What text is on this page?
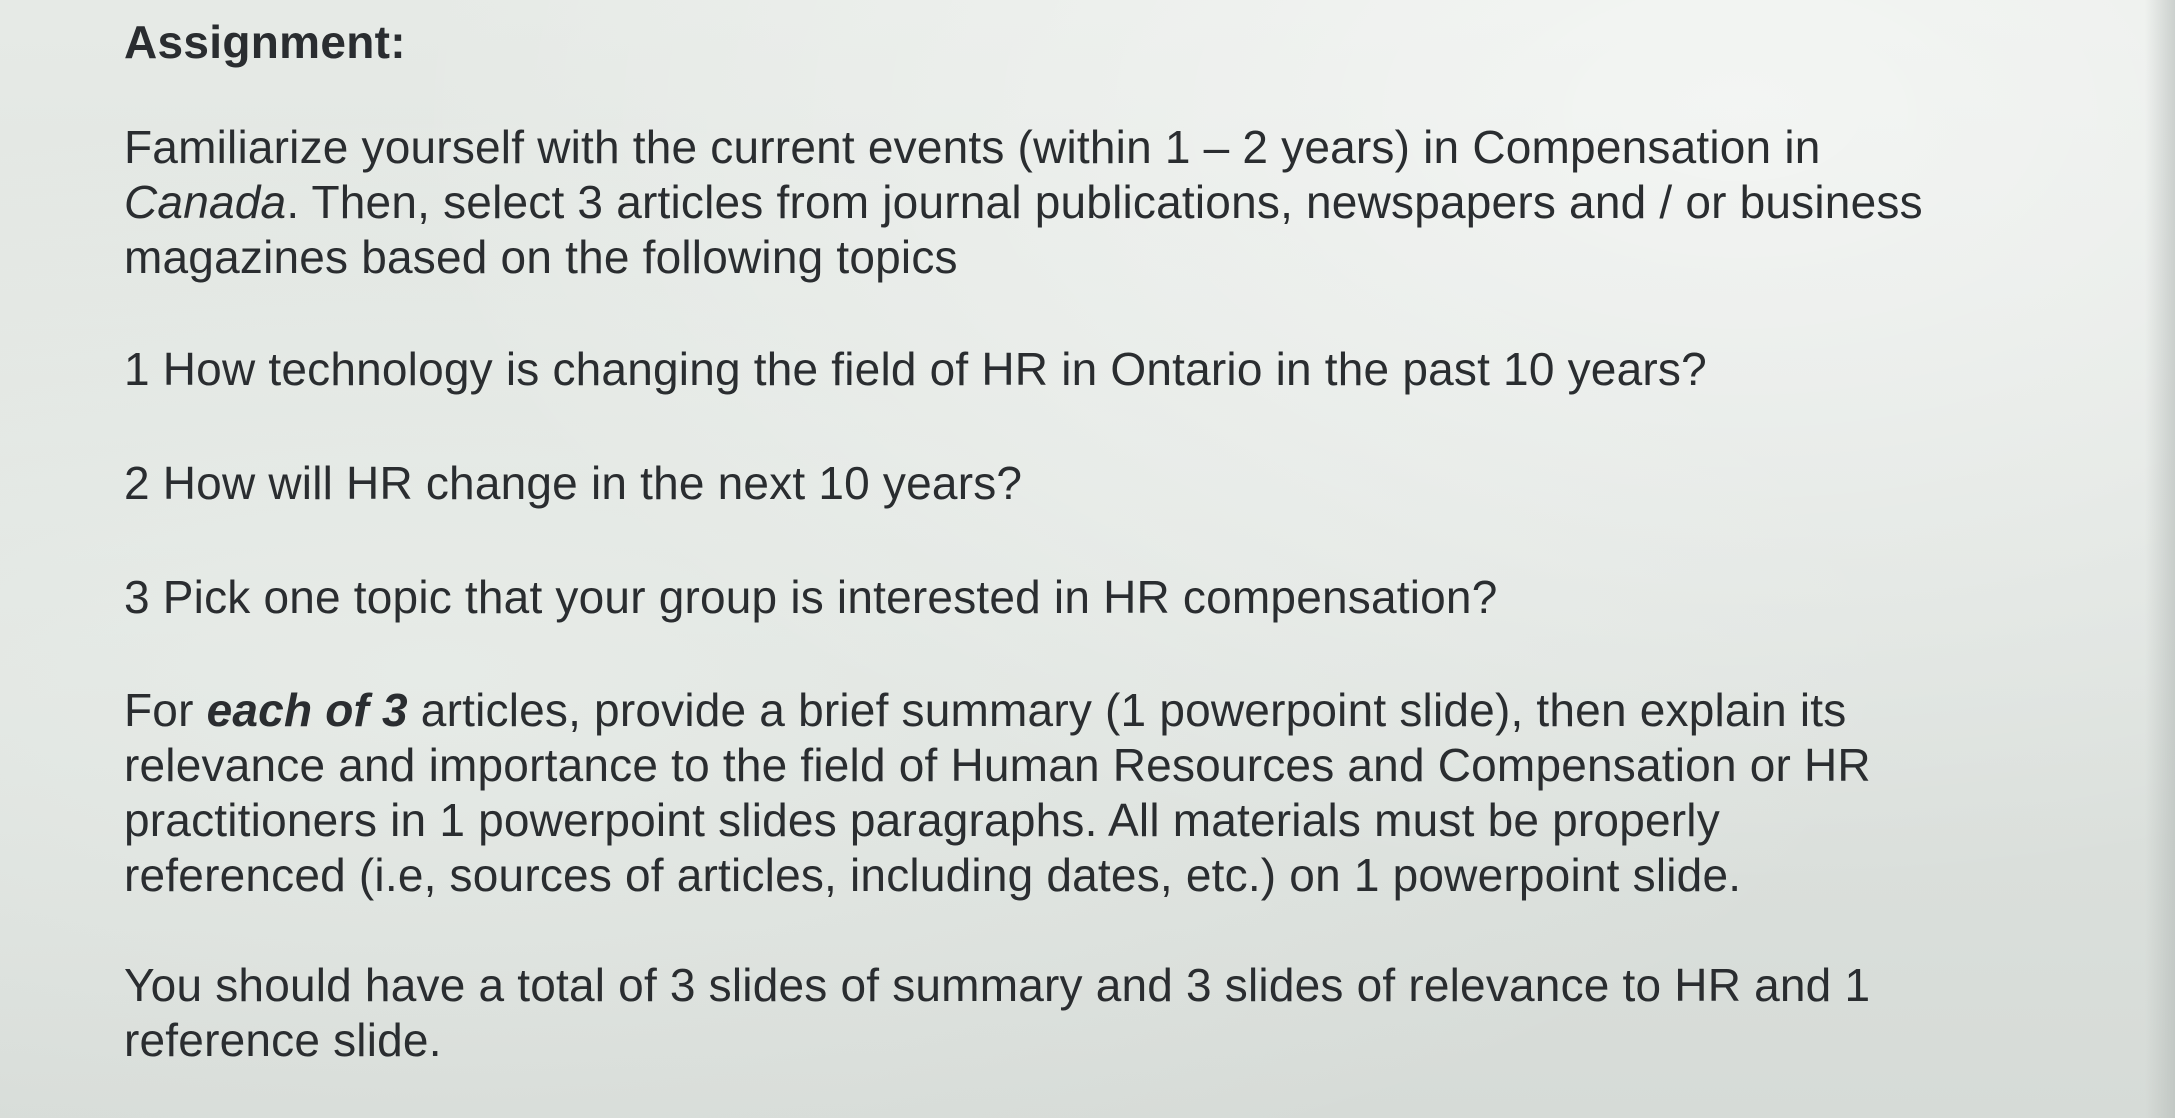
Assignment:

Familiarize yourself with the current events (within 1 – 2 years) in Compensation in
Canada. Then, select 3 articles from journal publications, newspapers and / or business
magazines based on the following topics

1 How technology is changing the field of HR in Ontario in the past 10 years?

2 How will HR change in the next 10 years?

3 Pick one topic that your group is interested in HR compensation?

For each of 3 articles, provide a brief summary (1 powerpoint slide), then explain its
relevance and importance to the field of Human Resources and Compensation or HR
practitioners in 1 powerpoint slides paragraphs. All materials must be properly
referenced (i.e, sources of articles, including dates, etc.) on 1 powerpoint slide.

You should have a total of 3 slides of summary and 3 slides of relevance to HR and 1
reference slide.
